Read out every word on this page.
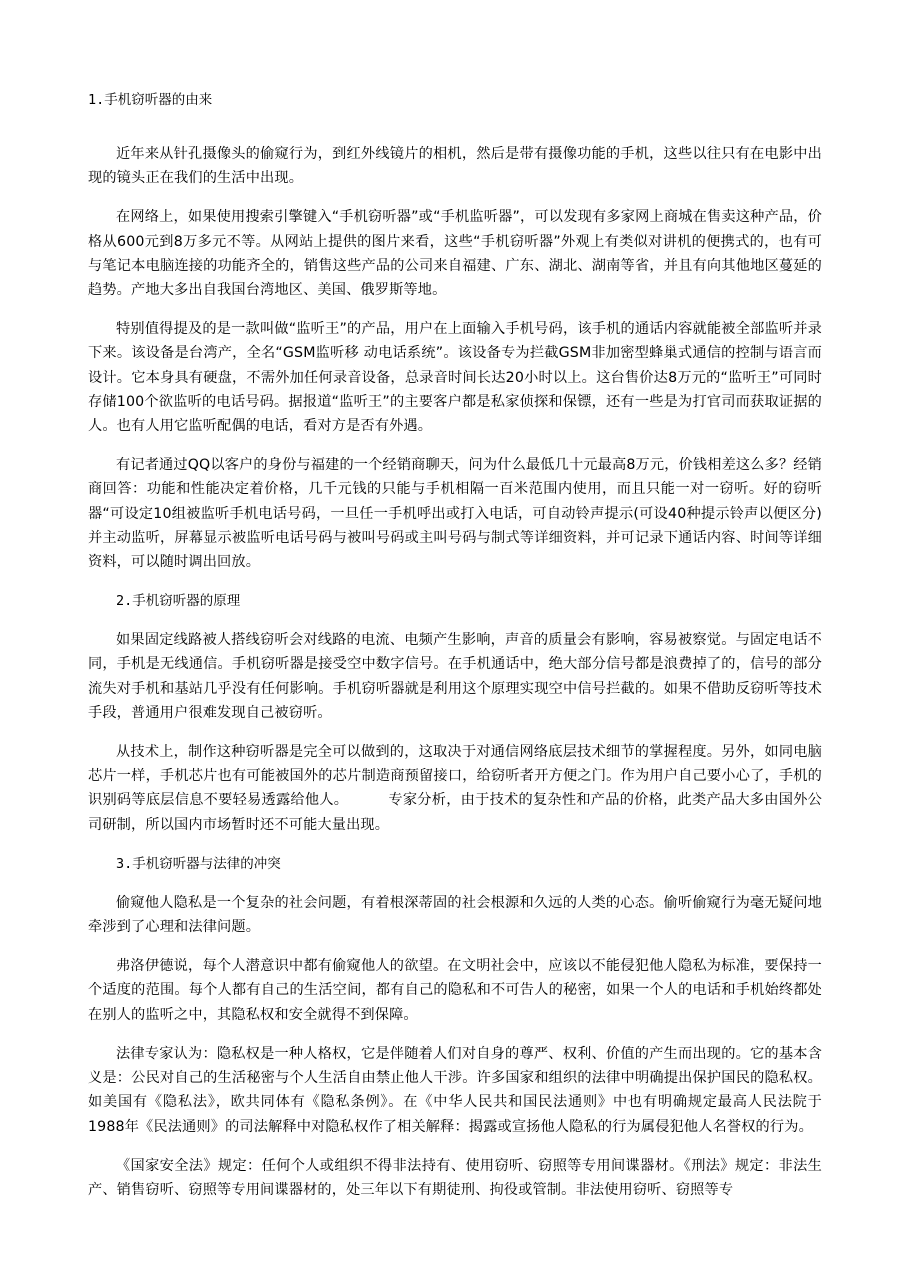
1.手机窃听器的由来

近年来从针孔摄像头的偷窥行为，到红外线镜片的相机，然后是带有摄像功能的手机，这些以往只有在电影中出现的镜头正在我们的生活中出现。

在网络上，如果使用搜索引擎键入“手机窃听器”或“手机监听器”，可以发现有多家网上商城在售卖这种产品，价格从600元到8万多元不等。从网站上提供的图片来看，这些“手机窃听器”外观上有类似对讲机的便携式的，也有可与笔记本电脑连接的功能齐全的，销售这些产品的公司来自福建、广东、湖北、湖南等省，并且有向其他地区蔓延的趋势。产地大多出自我国台湾地区、美国、俄罗斯等地。

特别值得提及的是一款叫做“监听王”的产品，用户在上面输入手机号码，该手机的通话内容就能被全部监听并录下来。该设备是台湾产，全名“GSM监听移 动电话系统”。该设备专为拦截GSM非加密型蜂巢式通信的控制与语言而设计。它本身具有硬盘，不需外加任何录音设备，总录音时间长达20小时以上。这台售价达8万元的“监听王”可同时存储100个欲监听的电话号码。据报道“监听王”的主要客户都是私家侦探和保镖，还有一些是为打官司而获取证据的人。也有人用它监听配偶的电话，看对方是否有外遇。

有记者通过QQ以客户的身份与福建的一个经销商聊天，问为什么最低几十元最高8万元，价钱相差这么多？经销商回答：功能和性能决定着价格，几千元钱的只能与手机相隔一百米范围内使用，而且只能一对一窃听。好的窃听器“可设定10组被监听手机电话号码，一旦任一手机呼出或打入电话，可自动铃声提示(可设40种提示铃声以便区分)并主动监听，屏幕显示被监听电话号码与被叫号码或主叫号码与制式等详细资料，并可记录下通话内容、时间等详细资料，可以随时调出回放。

2.手机窃听器的原理

如果固定线路被人搭线窃听会对线路的电流、电频产生影响，声音的质量会有影响，容易被察觉。与固定电话不同，手机是无线通信。手机窃听器是接受空中数字信号。在手机通话中，绝大部分信号都是浪费掉了的，信号的部分流失对手机和基站几乎没有任何影响。手机窃听器就是利用这个原理实现空中信号拦截的。如果不借助反窃听等技术手段，普通用户很难发现自己被窃听。

从技术上，制作这种窃听器是完全可以做到的，这取决于对通信网络底层技术细节的掌握程度。另外，如同电脑芯片一样，手机芯片也有可能被国外的芯片制造商预留接口，给窃听者开方便之门。作为用户自己要小心了，手机的识别码等底层信息不要轻易透露给他人。	专家分析，由于技术的复杂性和产品的价格，此类产品大多由国外公司研制，所以国内市场暂时还不可能大量出现。

3.手机窃听器与法律的冲突

偷窥他人隐私是一个复杂的社会问题，有着根深蒂固的社会根源和久远的人类的心态。偷听偷窥行为毫无疑问地牵涉到了心理和法律问题。

弗洛伊德说，每个人潜意识中都有偷窥他人的欲望。在文明社会中，应该以不能侵犯他人隐私为标准，要保持一个适度的范围。每个人都有自己的生活空间，都有自己的隐私和不可告人的秘密，如果一个人的电话和手机始终都处在别人的监听之中，其隐私权和安全就得不到保障。

法律专家认为：隐私权是一种人格权，它是伴随着人们对自身的尊严、权利、价值的产生而出现的。它的基本含义是：公民对自己的生活秘密与个人生活自由禁止他人干涉。许多国家和组织的法律中明确提出保护国民的隐私权。如美国有《隐私法》，欧共同体有《隐私条例》。在《中华人民共和国民法通则》中也有明确规定最高人民法院于1988年《民法通则》的司法解释中对隐私权作了相关解释：揭露或宣扬他人隐私的行为属侵犯他人名誉权的行为。

《国家安全法》规定：任何个人或组织不得非法持有、使用窃听、窃照等专用间谍器材。《刑法》规定：非法生产、销售窃听、窃照等专用间谍器材的，处三年以下有期徒刑、拘役或管制。非法使用窃听、窃照等专
